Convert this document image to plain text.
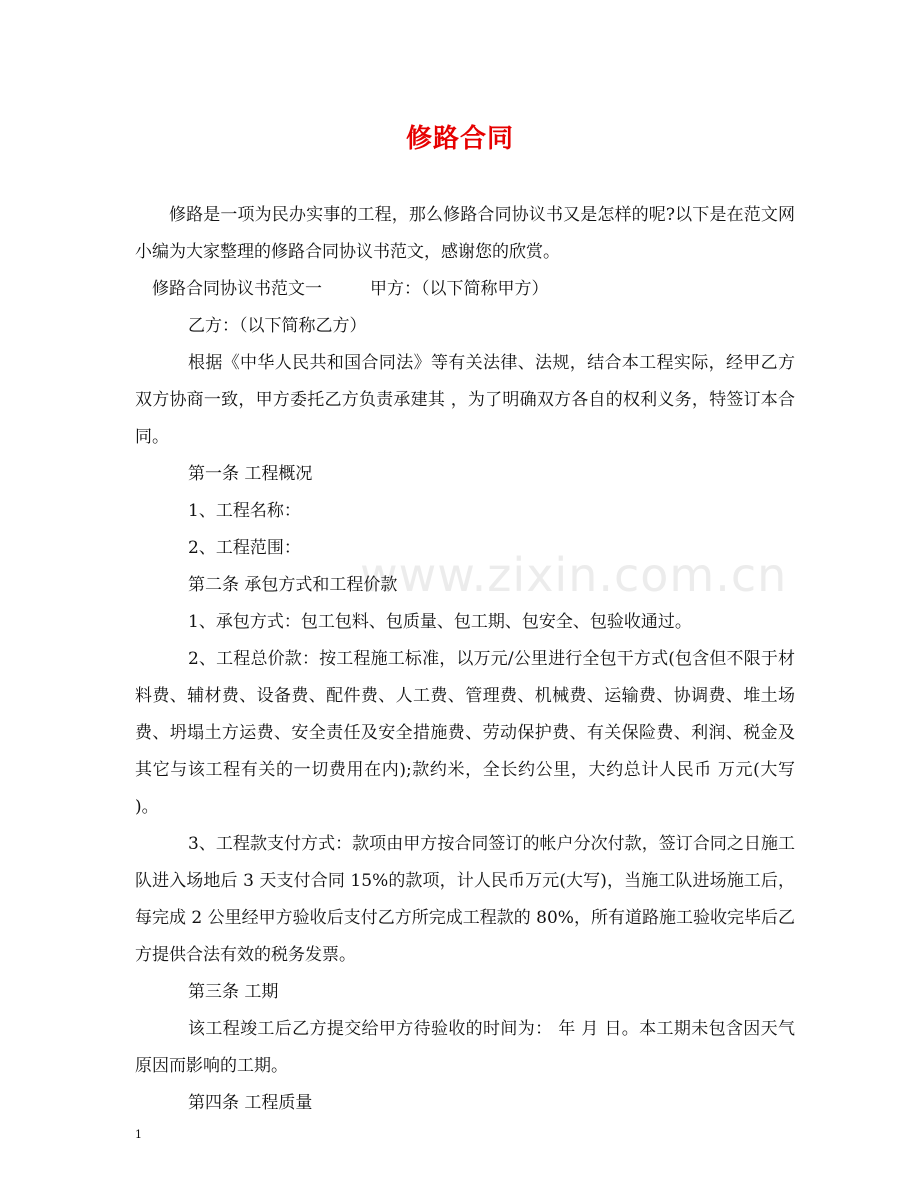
www.zixin.com.cn
修路合同

修路是一项为民办实事的工程，那么修路合同协议书又是怎样的呢?以下是在范文网小编为大家整理的修路合同协议书范文，感谢您的欣赏。

修路合同协议书范文一	甲方：（以下简称甲方）

乙方：（以下简称乙方）

根据《中华人民共和国合同法》等有关法律、法规，结合本工程实际，经甲乙方双方协商一致，甲方委托乙方负责承建其 ，为了明确双方各自的权利义务，特签订本合同。

第一条 工程概况

1、工程名称：

2、工程范围：

第二条 承包方式和工程价款

1、承包方式：包工包料、包质量、包工期、包安全、包验收通过。

2、工程总价款：按工程施工标准，以万元/公里进行全包干方式(包含但不限于材料费、辅材费、设备费、配件费、人工费、管理费、机械费、运输费、协调费、堆土场费、坍塌土方运费、安全责任及安全措施费、劳动保护费、有关保险费、利润、税金及其它与该工程有关的一切费用在内);款约米，全长约公里，大约总计人民币 万元(大写 )。

3、工程款支付方式：款项由甲方按合同签订的帐户分次付款，签订合同之日施工队进入场地后 3 天支付合同 15%的款项，计人民币万元(大写)，当施工队进场施工后，每完成 2 公里经甲方验收后支付乙方所完成工程款的 80%，所有道路施工验收完毕后乙方提供合法有效的税务发票。

第三条 工期

该工程竣工后乙方提交给甲方待验收的时间为： 年 月 日。本工期未包含因天气原因而影响的工期。

第四条 工程质量

1
